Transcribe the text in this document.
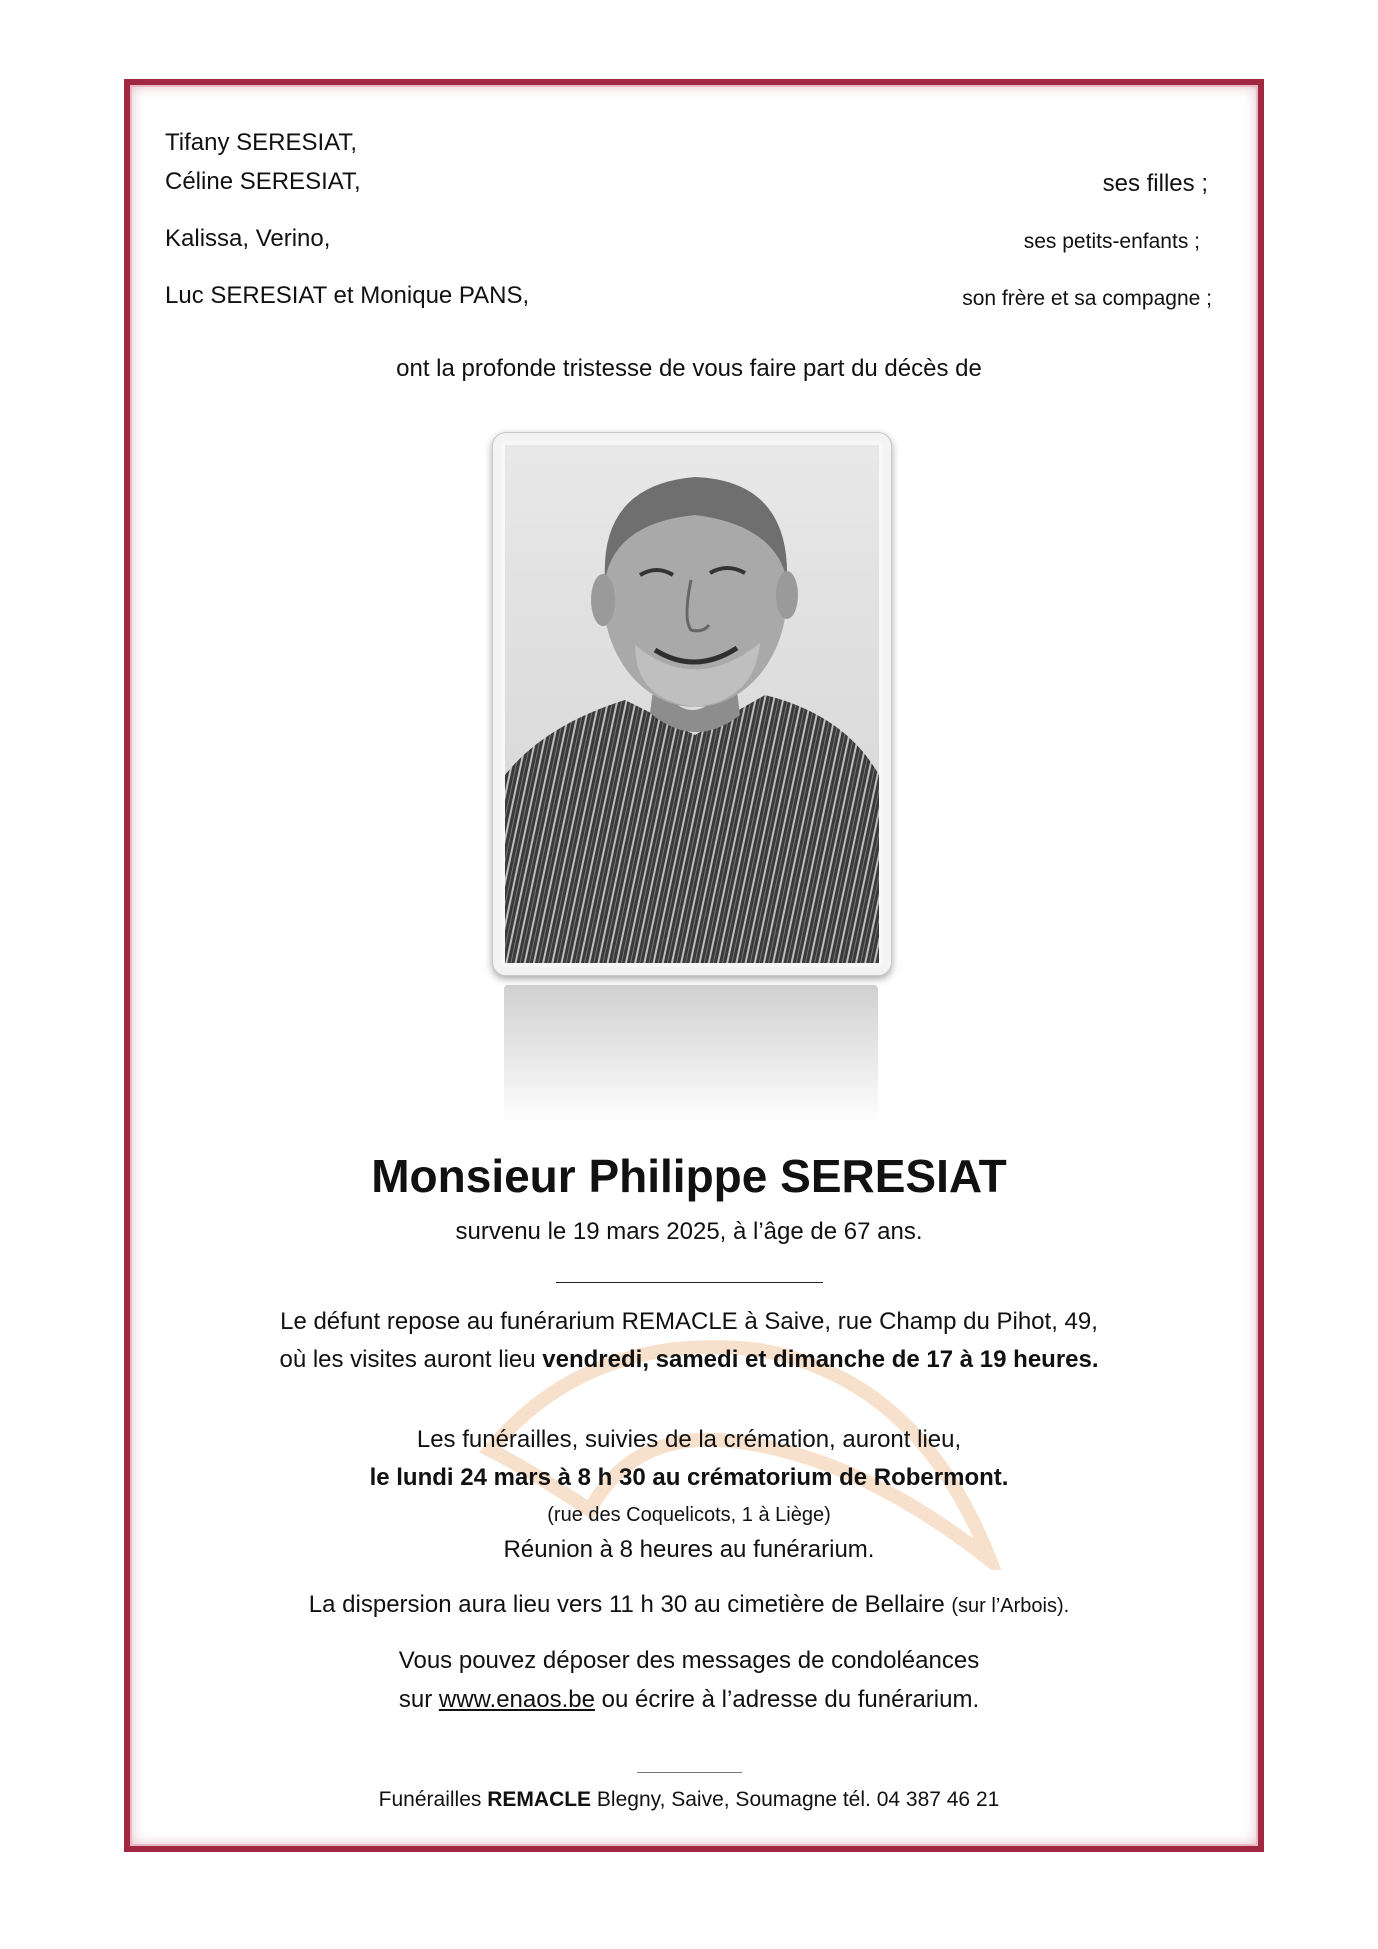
Tifany SERESIAT,
Céline SERESIAT,	ses filles ;
Kalissa, Verino,	ses petits-enfants ;
Luc SERESIAT et Monique PANS,	son frère et sa compagne ;
ont la profonde tristesse de vous faire part du décès de
Monsieur Philippe SERESIAT
survenu le 19 mars 2025, à l’âge de 67 ans.
Le défunt repose au funérarium REMACLE à Saive, rue Champ du Pihot, 49,
où les visites auront lieu vendredi, samedi et dimanche de 17 à 19 heures.
Les funérailles, suivies de la crémation, auront lieu,
le lundi 24 mars à 8 h 30 au crématorium de Robermont.
(rue des Coquelicots, 1 à Liège)
Réunion à 8 heures au funérarium.
La dispersion aura lieu vers 11 h 30 au cimetière de Bellaire (sur l’Arbois).
Vous pouvez déposer des messages de condoléances
sur www.enaos.be ou écrire à l’adresse du funérarium.
Funérailles REMACLE Blegny, Saive, Soumagne tél. 04 387 46 21
